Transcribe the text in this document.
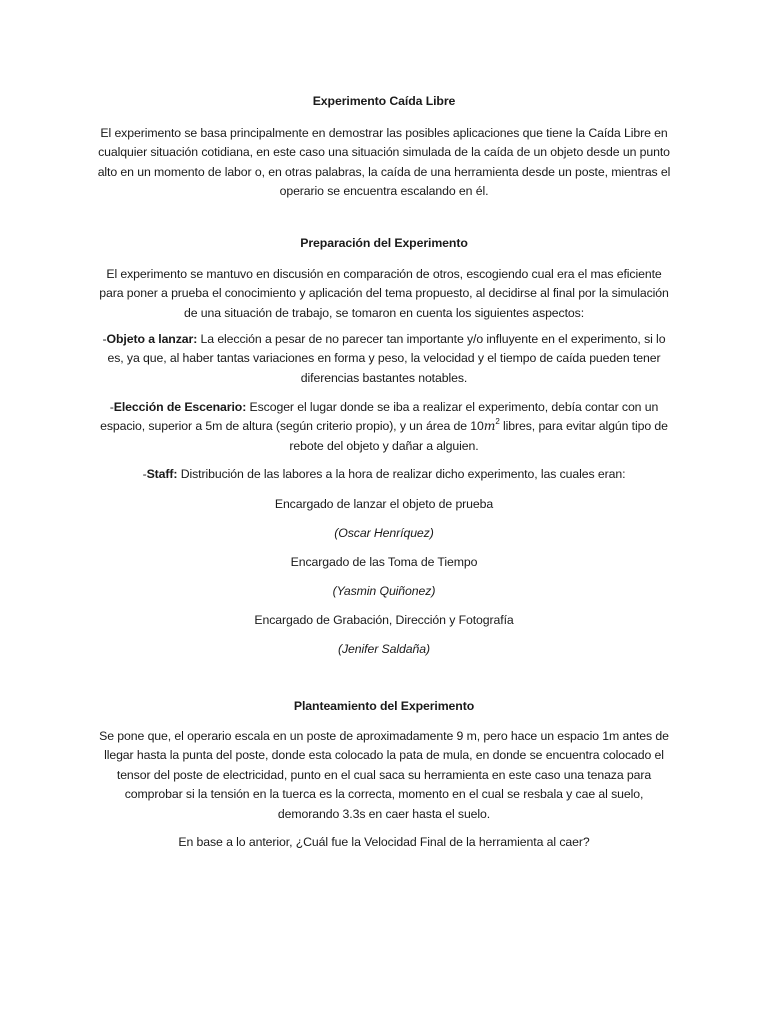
Experimento Caída Libre
El experimento se basa principalmente en demostrar las posibles aplicaciones que tiene la Caída Libre en cualquier situación cotidiana, en este caso una situación simulada de la caída de un objeto desde un punto alto en un momento de labor o, en otras palabras, la caída de una herramienta desde un poste, mientras el operario se encuentra escalando en él.
Preparación del Experimento
El experimento se mantuvo en discusión en comparación de otros, escogiendo cual era el mas eficiente para poner a prueba el conocimiento y aplicación del tema propuesto, al decidirse al final por la simulación de una situación de trabajo, se tomaron en cuenta los siguientes aspectos:
-Objeto a lanzar: La elección a pesar de no parecer tan importante y/o influyente en el experimento, si lo es, ya que, al haber tantas variaciones en forma y peso, la velocidad y el tiempo de caída pueden tener diferencias bastantes notables.
-Elección de Escenario: Escoger el lugar donde se iba a realizar el experimento, debía contar con un espacio, superior a 5m de altura (según criterio propio), y un área de $10m^2$ libres, para evitar algún tipo de rebote del objeto y dañar a alguien.
-Staff: Distribución de las labores a la hora de realizar dicho experimento, las cuales eran:
Encargado de lanzar el objeto de prueba
(Oscar Henríquez)
Encargado de las Toma de Tiempo
(Yasmin Quiñonez)
Encargado de Grabación, Dirección y Fotografía
(Jenifer Saldaña)
Planteamiento del Experimento
Se pone que, el operario escala en un poste de aproximadamente 9 m, pero hace un espacio 1m antes de llegar hasta la punta del poste, donde esta colocado la pata de mula, en donde se encuentra colocado el tensor del poste de electricidad, punto en el cual saca su herramienta en este caso una tenaza para comprobar si la tensión en la tuerca es la correcta, momento en el cual se resbala y cae al suelo, demorando 3.3s en caer hasta el suelo.
En base a lo anterior, ¿Cuál fue la Velocidad Final de la herramienta al caer?
